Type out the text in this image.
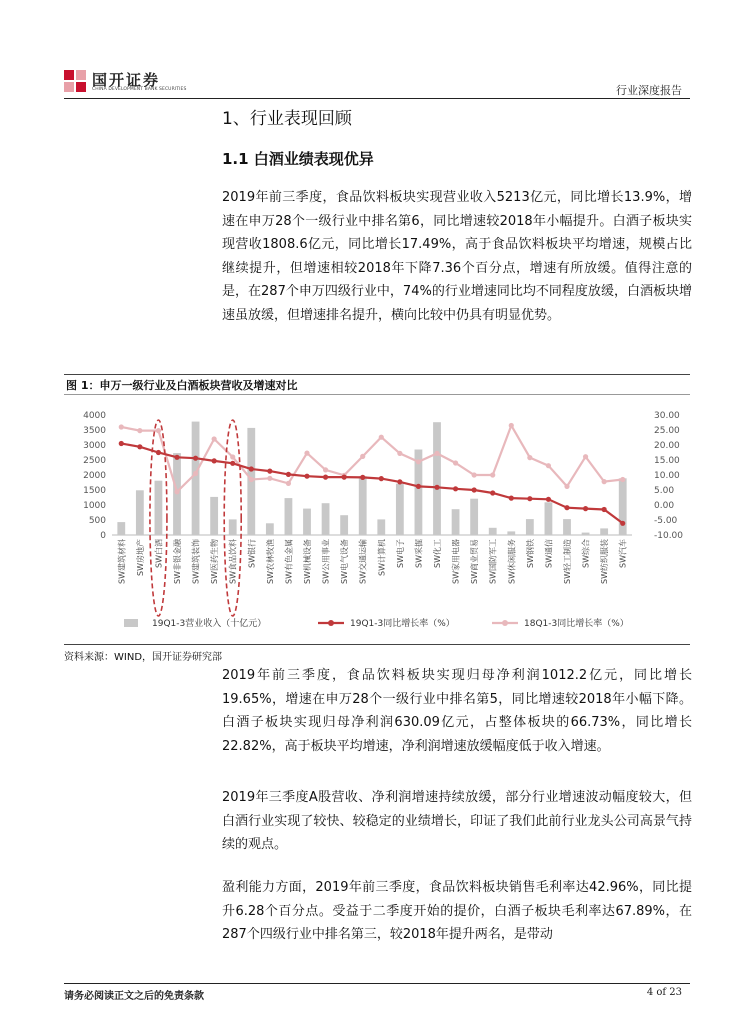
国开证券
CHINA DEVELOPMENT BANK SECURITIES	行业深度报告
1、行业表现回顾
1.1 白酒业绩表现优异
2019年前三季度，食品饮料板块实现营业收入5213亿元，同比增长13.9%，增速在申万28个一级行业中排名第6，同比增速较2018年小幅提升。白酒子板块实现营收1808.6亿元，同比增长17.49%，高于食品饮料板块平均增速，规模占比继续提升，但增速相较2018年下降7.36个百分点，增速有所放缓。值得注意的是，在287个申万四级行业中，74%的行业增速同比均不同程度放缓，白酒板块增速虽放缓，但增速排名提升，横向比较中仍具有明显优势。
图 1：申万一级行业及白酒板块营收及增速对比
0
500
1000
1500
2000
2500
3000
3500
4000
-10.00
-5.00
0.00
5.00
10.00
15.00
20.00
25.00
30.00
SW建筑材料 SW房地产 SW白酒 SW非银金融 SW建筑装饰 SW医药生物 SW食品饮料 SW银行 SW农林牧渔 SW有色金属 SW机械设备 SW公用事业 SW电气设备 SW交通运输 SW计算机 SW电子 SW采掘 SW化工 SW家用电器 SW商业贸易 SW国防军工 SW休闲服务 SW钢铁 SW通信 SW轻工制造 SW综合 SW纺织服装 SW汽车
19Q1-3营业收入（十亿元）	19Q1-3同比增长率（%）	18Q1-3同比增长率（%）
资料来源：WIND，国开证券研究部
2019年前三季度，食品饮料板块实现归母净利润1012.2亿元，同比增长19.65%，增速在申万28个一级行业中排名第5，同比增速较2018年小幅下降。白酒子板块实现归母净利润630.09亿元，占整体板块的66.73%，同比增长22.82%，高于板块平均增速，净利润增速放缓幅度低于收入增速。
2019年三季度A股营收、净利润增速持续放缓，部分行业增速波动幅度较大，但白酒行业实现了较快、较稳定的业绩增长，印证了我们此前行业龙头公司高景气持续的观点。
盈利能力方面，2019年前三季度，食品饮料板块销售毛利率达42.96%，同比提升6.28个百分点。受益于二季度开始的提价，白酒子板块毛利率达67.89%，在287个四级行业中排名第三，较2018年提升两名，是带动
请务必阅读正文之后的免责条款	4 of 23
